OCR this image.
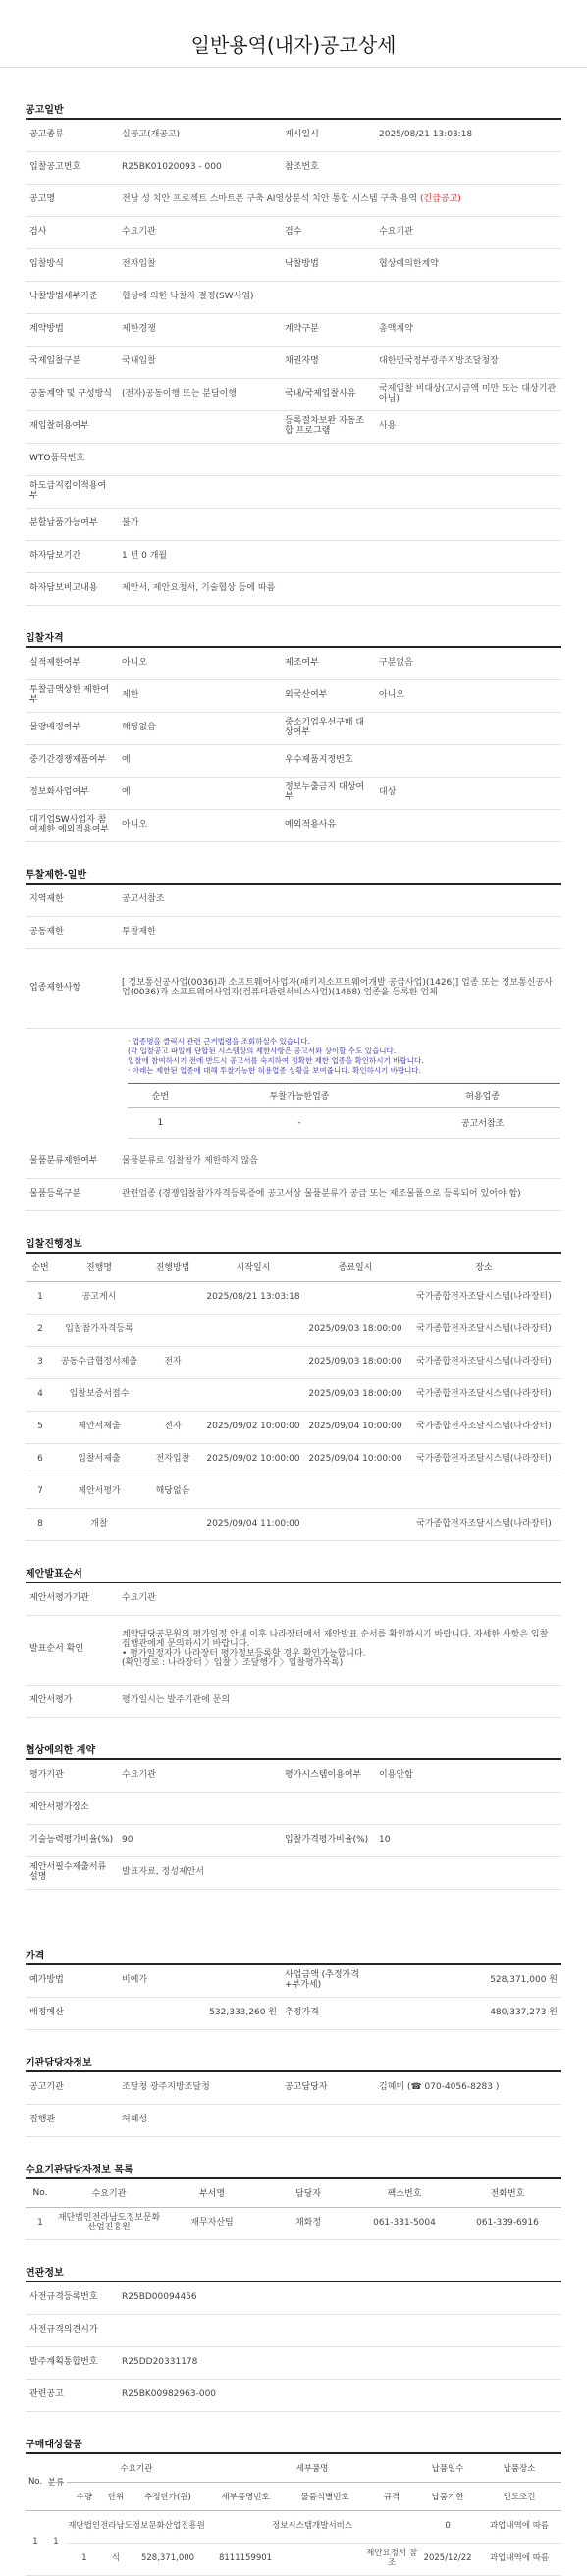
일반용역(내자)공고상세
공고일반
공고종류	실공고(재공고)	게시일시	2025/08/21 13:03:18
입찰공고번호	R25BK01020093 - 000	참조번호	
공고명	전남 성 치안 프로젝트 스마트폰 구축 AI영상분석 치안 통합 시스템 구축 용역 (긴급공고)		
검사	수요기관	검수	수요기관
입찰방식	전자입찰	낙찰방법	협상에의한계약
낙찰방법세부기준	협상에 의한 낙찰자 결정(SW사업)		
계약방법	제한경쟁	계약구분	총액계약
국제입찰구분	국내입찰	채권자명	대한민국정부광주지방조달청장
공동계약 및 구성방식	(전자)공동이행 또는 분담이행	국내/국제입찰사유	국제입찰 비대상(고시금액 미만 또는 대상기관아님)
재입찰허용여부		등록절차보완 자동조합 프로그램	사용
WTO품목번호			
하도급지킴이적용여부			
분할납품가능여부	불가		
하자담보기간	1 년 0 개월		
하자담보비고내용	제안서, 제안요청서, 기술협상 등에 따름		
입찰자격
실적제한여부	아니오	제조여부	구분없음
투찰금액상한 제한여부	제한	외국산여부	아니오
물량배정여부	해당없음	중소기업우선구매 대상여부	
중기간경쟁제품여부	예	우수제품지정번호	
정보화사업여부	예	정보누출금지 대상여부	대상
대기업SW사업자 참여제한 예외적용여부	아니오	예외적용사유	
투찰제한-일반
지역제한	공고서참조
공동제한	투찰제한
업종제한사항	[ 정보통신공사업(0036)과 소프트웨어사업자(패키지소프트웨어개발 공급사업)(1426)] 업종 또는 정보통신공사업(0036)과 소프트웨어사업자(컴퓨터관련서비스사업)(1468) 업종을 등록한 업체
· 업종명을 클릭시 관련 근거법령을 조회하실수 있습니다.
(각 입찰공고 파일에 단합된 시스템상의 제한사항은 공고서와 상이할 수도 있습니다.
입찰에 참여하시기 전에 반드시 공고서를 숙지하여 정확한 제한 업종을 확인하시기 바랍니다.
· 아래는 제한된 업종에 대해 투찰가능한 허용업종 상황을 보여줍니다. 확인하시기 바랍니다.
순번	투찰가능한업종	허용업종
1	-	공고서참조
물품분류제한여부	물품분류로 입찰참가 제한하지 않음
물품등록구분	관련업종 (경쟁입찰참가자격등록증에 공고서상 물품분류가 공급 또는 제조물품으로 등록되어 있어야 함)
입찰진행정보
순번	진행명	진행방법	시작일시	종료일시	장소
1	공고게시		2025/08/21 13:03:18		국가종합전자조달시스템(나라장터)
2	입찰참가자격등록			2025/09/03 18:00:00	국가종합전자조달시스템(나라장터)
3	공동수급협정서제출	전자		2025/09/03 18:00:00	국가종합전자조달시스템(나라장터)
4	입찰보증서접수			2025/09/03 18:00:00	국가종합전자조달시스템(나라장터)
5	제안서제출	전자	2025/09/02 10:00:00	2025/09/04 10:00:00	국가종합전자조달시스템(나라장터)
6	입찰서제출	전자입찰	2025/09/02 10:00:00	2025/09/04 10:00:00	국가종합전자조달시스템(나라장터)
7	제안서평가	해당없음			
8	개찰		2025/09/04 11:00:00		국가종합전자조달시스템(나라장터)
제안발표순서
제안서평가기관	수요기관
발표순서 확인	계약담당공무원의 평가일정 안내 이후 나라장터에서 제안발표 순서를 확인하시기 바랍니다. 자세한 사항은 입찰 집행관에게 문의하시기 바랍니다.
• 평가일정자가 나라장터 평가정보등록할 경우 확인가능합니다.
(확인경로 : 나라장터 〉입찰 〉조달행가 〉입찰평가목록)

제안서평가	평가일시는 발주기관에 문의
협상에의한 계약
평가기관	수요기관	평가시스템이용여부	이용안함
제안서평가장소			
기술능력평가비율(%)	90	입찰가격평가비율(%)	10
제안서필수제출서류설명	발표자료, 정성제안서		
가격
예가방법	비예가	사업금액 (추정가격+부가세)	528,371,000 원
배정예산	532,333,260 원	추정가격	480,337,273 원
기관담당자정보
공고기관	조달청 광주지방조달청	공고담당자	김혜미 (☎ 070-4056-8283 )
집행관	허혜성		
수요기관담당자정보 목록
No.	수요기관	부서명	담당자	팩스번호	전화번호
1	재단법인전라남도정보문화산업진흥원	재무자산팀	채화정	061-331-5004	061-339-6916
연관정보
사전규격등록번호	R25BD00094456
사전규격의견시가	
발주계획통합번호	R25DD20331178
관련공고	R25BK00982963-000
구매대상물품
No.	분류	수요기관			세부품명			납품일수	납품장소
		수량	단위	추정단가(원)	세부품명번호	물품식별번호	규격	납품기한	인도조건
1	1	재단법인전라남도정보문화산업진흥원			정보시스템개발서비스			0	과업내역에 따름
		1	식	528,371,000	8111159901		제안요청서 참조	2025/12/22	과업내역에 따름
